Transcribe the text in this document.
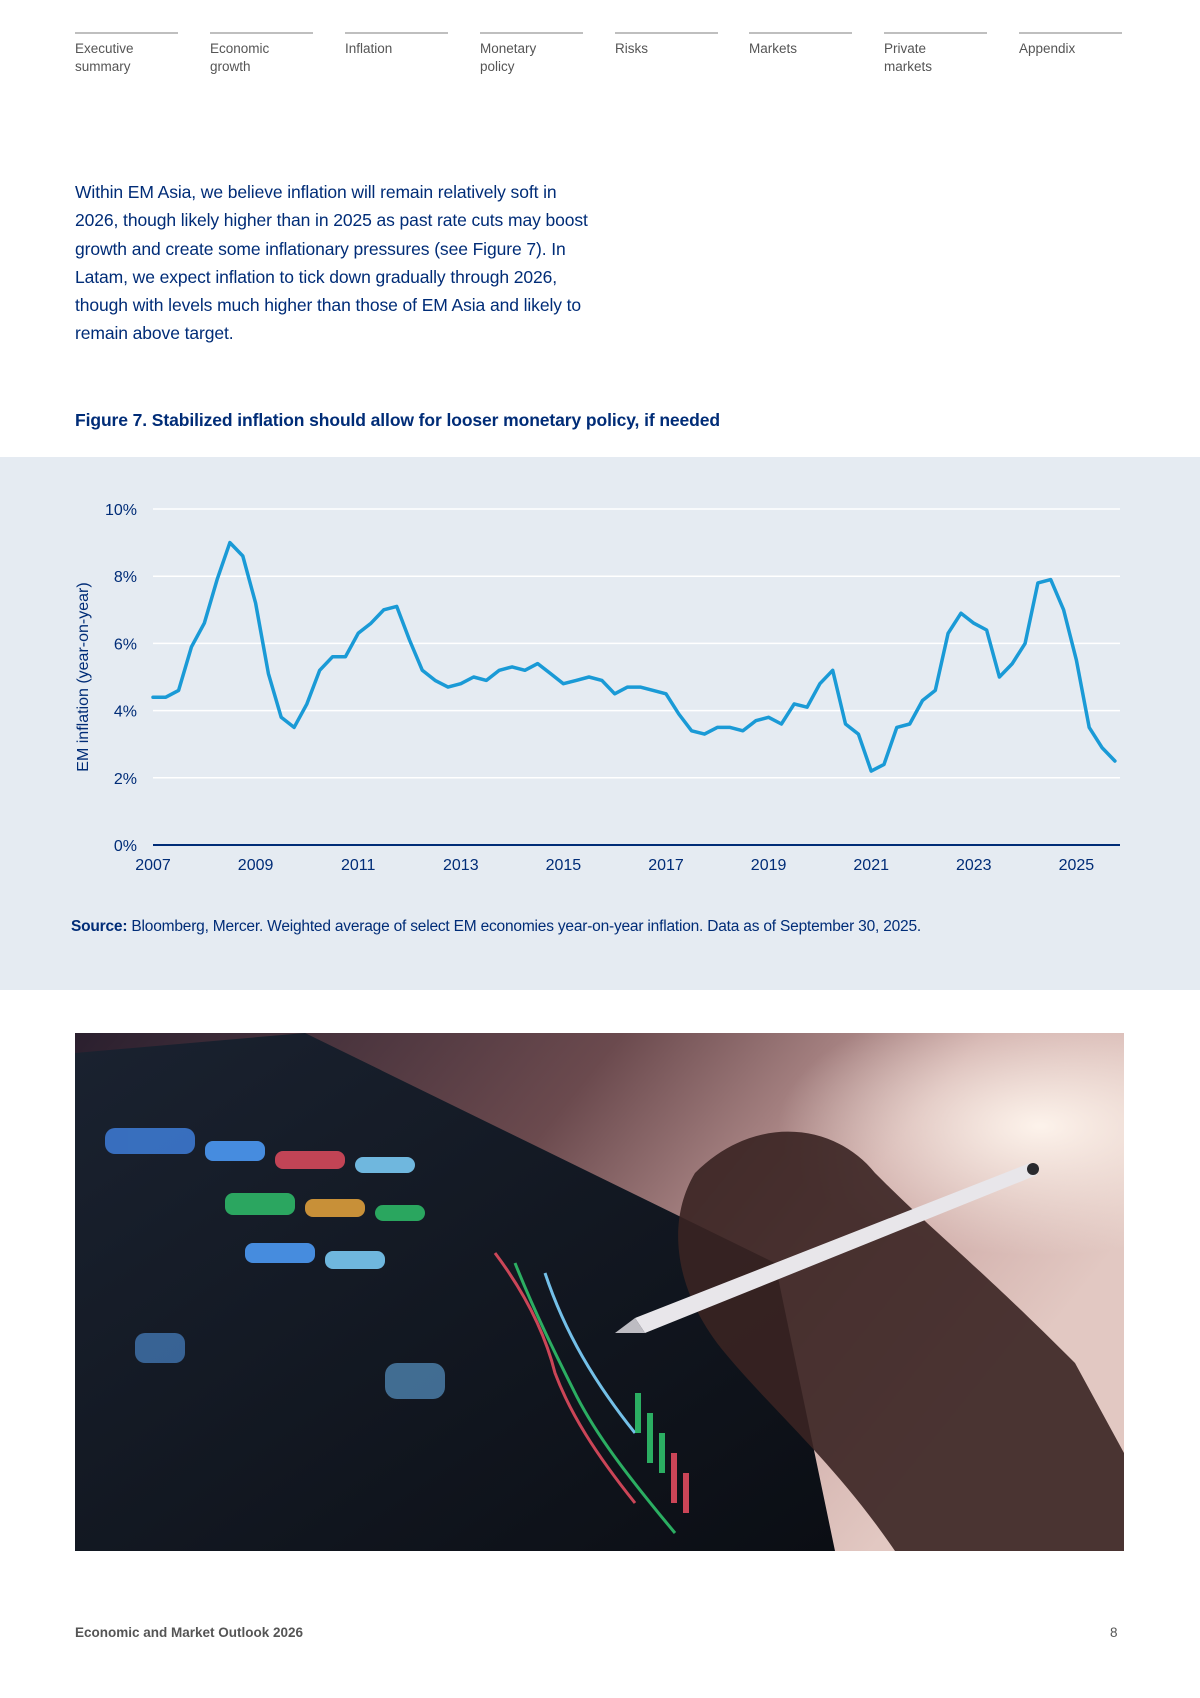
Executive
summary
Economic
growth
Inflation	Monetary
policy
Risks	Markets	Private
markets
Appendix

Within EM Asia, we believe inflation will remain relatively soft in 2026, though likely higher than in 2025 as past rate cuts may boost growth and create some inflationary pressures (see Figure 7). In Latam, we expect inflation to tick down gradually through 2026, though with levels much higher than those of EM Asia and likely to remain above target.

Figure 7. Stabilized inflation should allow for looser monetary policy, if needed
0%
2%
4%
6%
8%
10%
2007	2009	2011	2013	2015	2017	2019	2021	2023	2025
EM inflation (year-on-year)
Source: Bloomberg, Mercer. Weighted average of select EM economies year-on-year inflation. Data as of September 30, 2025.
Economic and Market Outlook 2026	8
